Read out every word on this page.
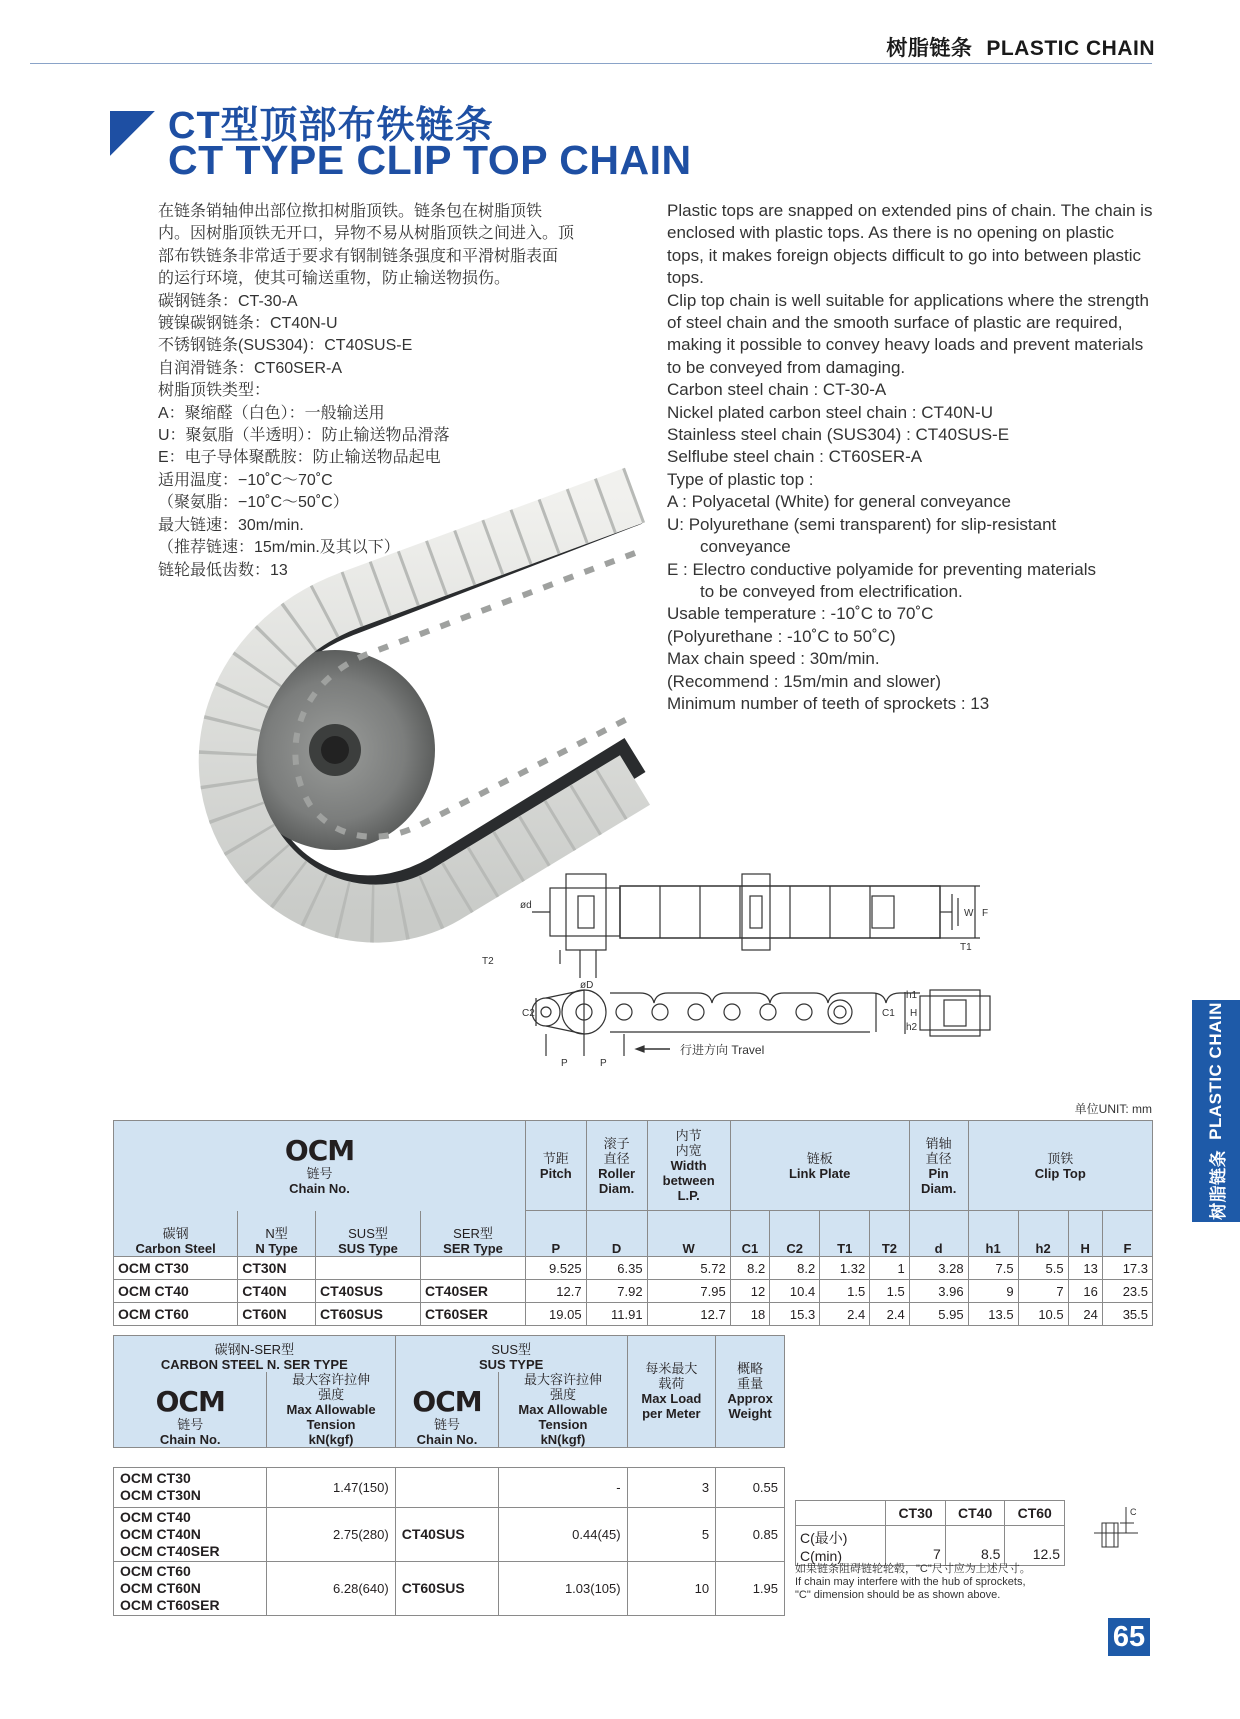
树脂链条 PLASTIC CHAIN
CT型顶部布铁链条
CT TYPE CLIP TOP CHAIN

在链条销轴伸出部位揿扣树脂顶铁。链条包在树脂顶铁

内。因树脂顶铁无开口，异物不易从树脂顶铁之间进入。顶

部布铁链条非常适于要求有钢制链条强度和平滑树脂表面

的运行环境，使其可输送重物，防止输送物损伤。

碳钢链条：CT-30-A

镀镍碳钢链条：CT40N-U

不锈钢链条(SUS304)：CT40SUS-E

自润滑链条：CT60SER-A

树脂顶铁类型：

A：聚缩醛（白色）：一般输送用

U：聚氨脂（半透明）：防止输送物品滑落

E：电子导体聚酰胺：防止输送物品起电

适用温度：−10˚C～70˚C

（聚氨脂：−10˚C～50˚C）

最大链速：30m/min.

（推荐链速：15m/min.及其以下）

链轮最低齿数：13

Plastic tops are snapped on extended pins of chain. The chain is enclosed with plastic tops. As there is no opening on plastic tops, it makes foreign objects difficult to go into between plastic tops.

Clip top chain is well suitable for applications where the strength of steel chain and the smooth surface of plastic are required, making it possible to convey heavy loads and prevent materials to be conveyed from damaging.

Carbon steel chain : CT-30-A

Nickel plated carbon steel chain : CT40N-U

Stainless steel chain (SUS304) : CT40SUS-E

Selflube steel chain : CT60SER-A

Type of plastic top :

A : Polyacetal (White) for general conveyance

U: Polyurethane (semi transparent) for slip-resistant

conveyance

E : Electro conductive polyamide for preventing materials

to be conveyed from electrification.

Usable temperature : -10˚C to 70˚C

(Polyurethane : -10˚C to 50˚C)

Max chain speed : 30m/min.

(Recommend : 15m/min and slower)

Minimum number of teeth of sprockets : 13

ød
T2
øD
W F
T1
C2	C1 H
h1
h2
P	P
行进方向 Travel
树脂链条
PLASTIC CHAIN
单位UNIT: mm
OCM
链号
Chain No.				节距
Pitch	滚子
直径
Roller
Diam.	内节
内宽
Width
between
L.P.	链板
Link Plate				销轴
直径
Pin
Diam.	顶铁
Clip Top			

碳钢
Carbon Steel	N型
N Type	SUS型
SUS Type	SER型
SER Type	P	D	W	C1	C2	T1	T2	d	h1	h2	H	F
OCM CT30	CT30N			9.525	6.35	5.72	8.2	8.2	1.32	1	3.28	7.5	5.5	13	17.3
OCM CT40	CT40N	CT40SUS	CT40SER	12.7	7.92	7.95	12	10.4	1.5	1.5	3.96	9	7	16	23.5
OCM CT60	CT60N	CT60SUS	CT60SER	19.05	11.91	12.7	18	15.3	2.4	2.4	5.95	13.5	10.5	24	35.5
碳钢N-SER型
CARBON STEEL N. SER TYPE		SUS型
SUS TYPE		每米最大
载荷
Max Load
per Meter	概略
重量
Approx
Weight

OCM
链号
Chain No.	最大容许拉伸
强度
Max Allowable
Tension
kN(kgf)	OCM
链号
Chain No.	最大容许拉伸
强度
Max Allowable
Tension
kN(kgf)		

OCM CT30
OCM CT30N	1.47(150)		-	3	0.55

OCM CT40
OCM CT40N
OCM CT40SER	2.75(280)	CT40SUS	0.44(45)	5	0.85

OCM CT60
OCM CT60N
OCM CT60SER	6.28(640)	CT60SUS	1.03(105)	10	1.95
	CT30	CT40	CT60
C(最小)
C(min)	7	8.5	12.5
C

如果链条阻碍链轮轮毂，"C"尺寸应为上述尺寸。

If chain may interfere with the hub of sprockets,

"C" dimension should be as shown above.

65
